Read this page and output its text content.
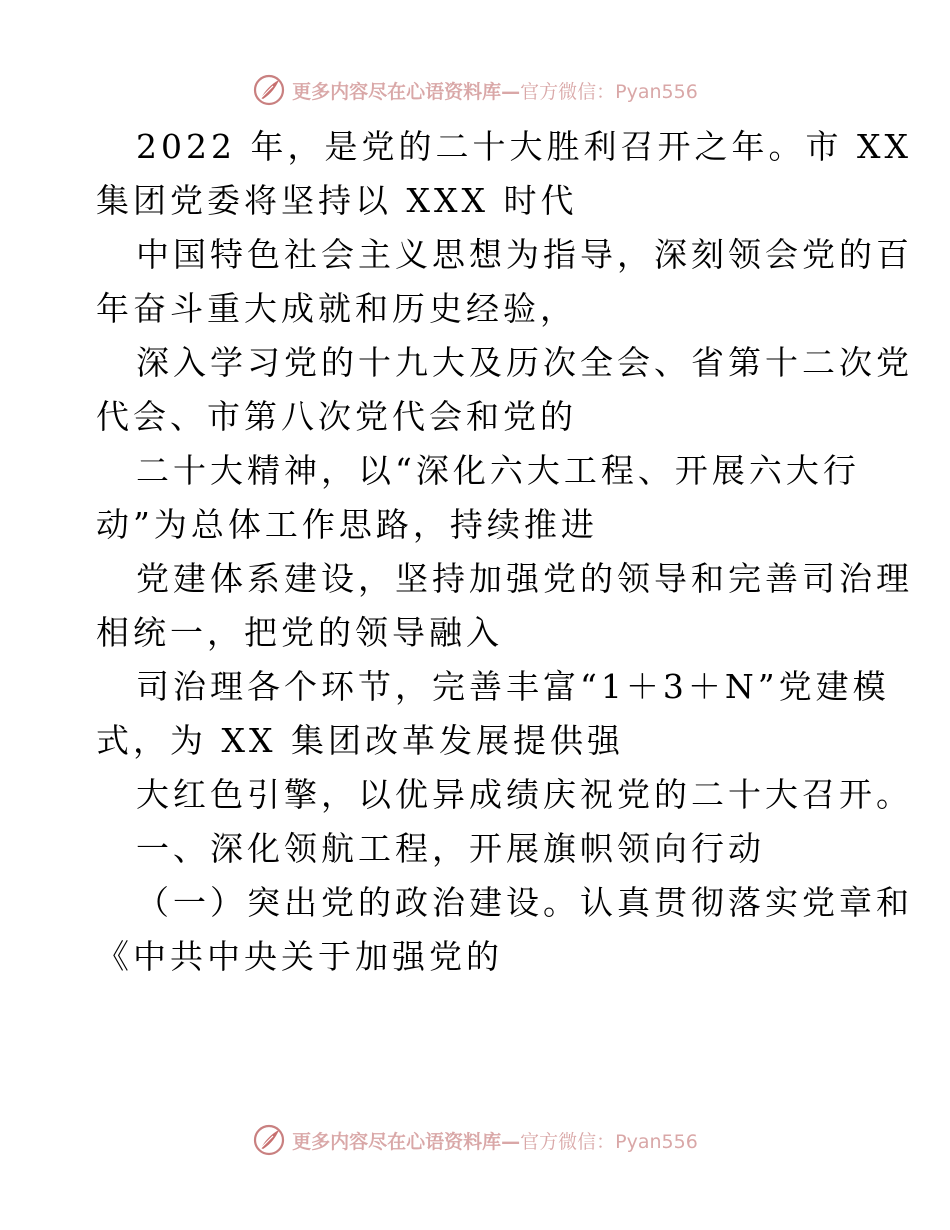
更多内容尽在心语资料库—官方微信：Pyan556
2022 年，是党的二十大胜利召开之年。市 XX
集团党委将坚持以 XXX 时代
中国特色社会主义思想为指导，深刻领会党的百
年奋斗重大成就和历史经验，
深入学习党的十九大及历次全会、省第十二次党
代会、市第八次党代会和党的
二十大精神，以“深化六大工程、开展六大行
动”为总体工作思路，持续推进
党建体系建设，坚持加强党的领导和完善司治理
相统一，把党的领导融入
司治理各个环节，完善丰富“1＋3＋N”党建模
式，为 XX 集团改革发展提供强
大红色引擎，以优异成绩庆祝党的二十大召开。
一、深化领航工程，开展旗帜领向行动
（一）突出党的政治建设。认真贯彻落实党章和
《中共中央关于加强党的
更多内容尽在心语资料库—官方微信：Pyan556
